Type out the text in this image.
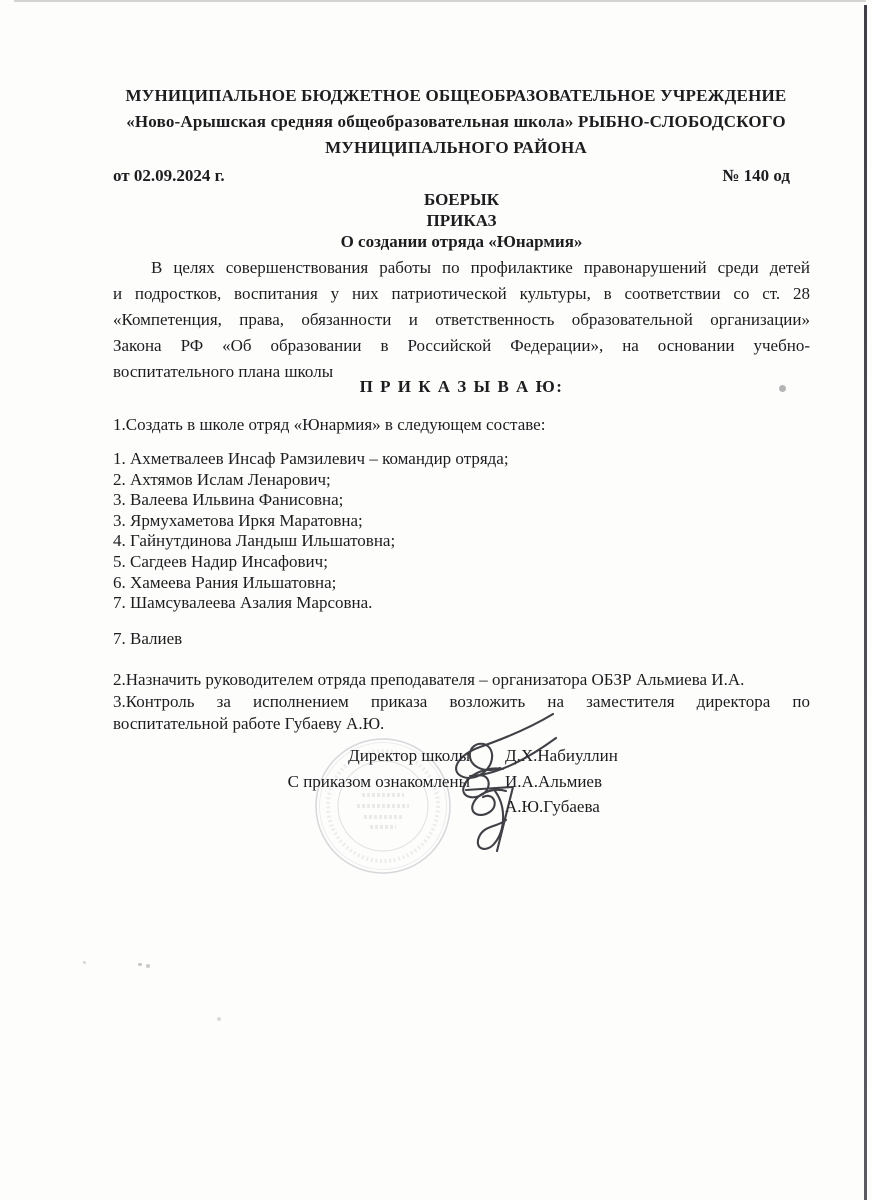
МУНИЦИПАЛЬНОЕ БЮДЖЕТНОЕ ОБЩЕОБРАЗОВАТЕЛЬНОЕ УЧРЕЖДЕНИЕ
«Ново-Арышская средняя общеобразовательная школа» РЫБНО-СЛОБОДСКОГО
МУНИЦИПАЛЬНОГО РАЙОНА
от 02.09.2024 г.	№ 140 од
БОЕРЫК
ПРИКАЗ
О создании отряда «Юнармия»
В целях совершенствования работы по профилактике правонарушений среди детей
и подростков, воспитания у них патриотической культуры, в соответствии со ст. 28
«Компетенция, права, обязанности и ответственность образовательной организации»
Закона РФ «Об образовании в Российской Федерации», на основании учебно-
воспитательного плана школы
П Р И К А З Ы В А Ю:
1.Создать в школе отряд «Юнармия» в следующем составе:
1. Ахметвалеев Инсаф Рамзилевич – командир отряда;
2. Ахтямов Ислам Ленарович;
3. Валеева Ильвина Фанисовна;
3. Ярмухаметова Иркя Маратовна;
4. Гайнутдинова Ландыш Ильшатовна;
5. Сагдеев Надир Инсафович;
6. Хамеева Рания Ильшатовна;
7. Шамсувалеева Азалия Марсовна.
7. Валиев
2.Назначить руководителем отряда преподавателя – организатора ОБЗР Альмиева И.А.
3.Контроль за исполнением приказа возложить на заместителя директора по
воспитательной работе Губаеву А.Ю.
Директор школы Д.Х.Набиуллин
С приказом ознакомлены И.А.Альмиев
А.Ю.Губаева
